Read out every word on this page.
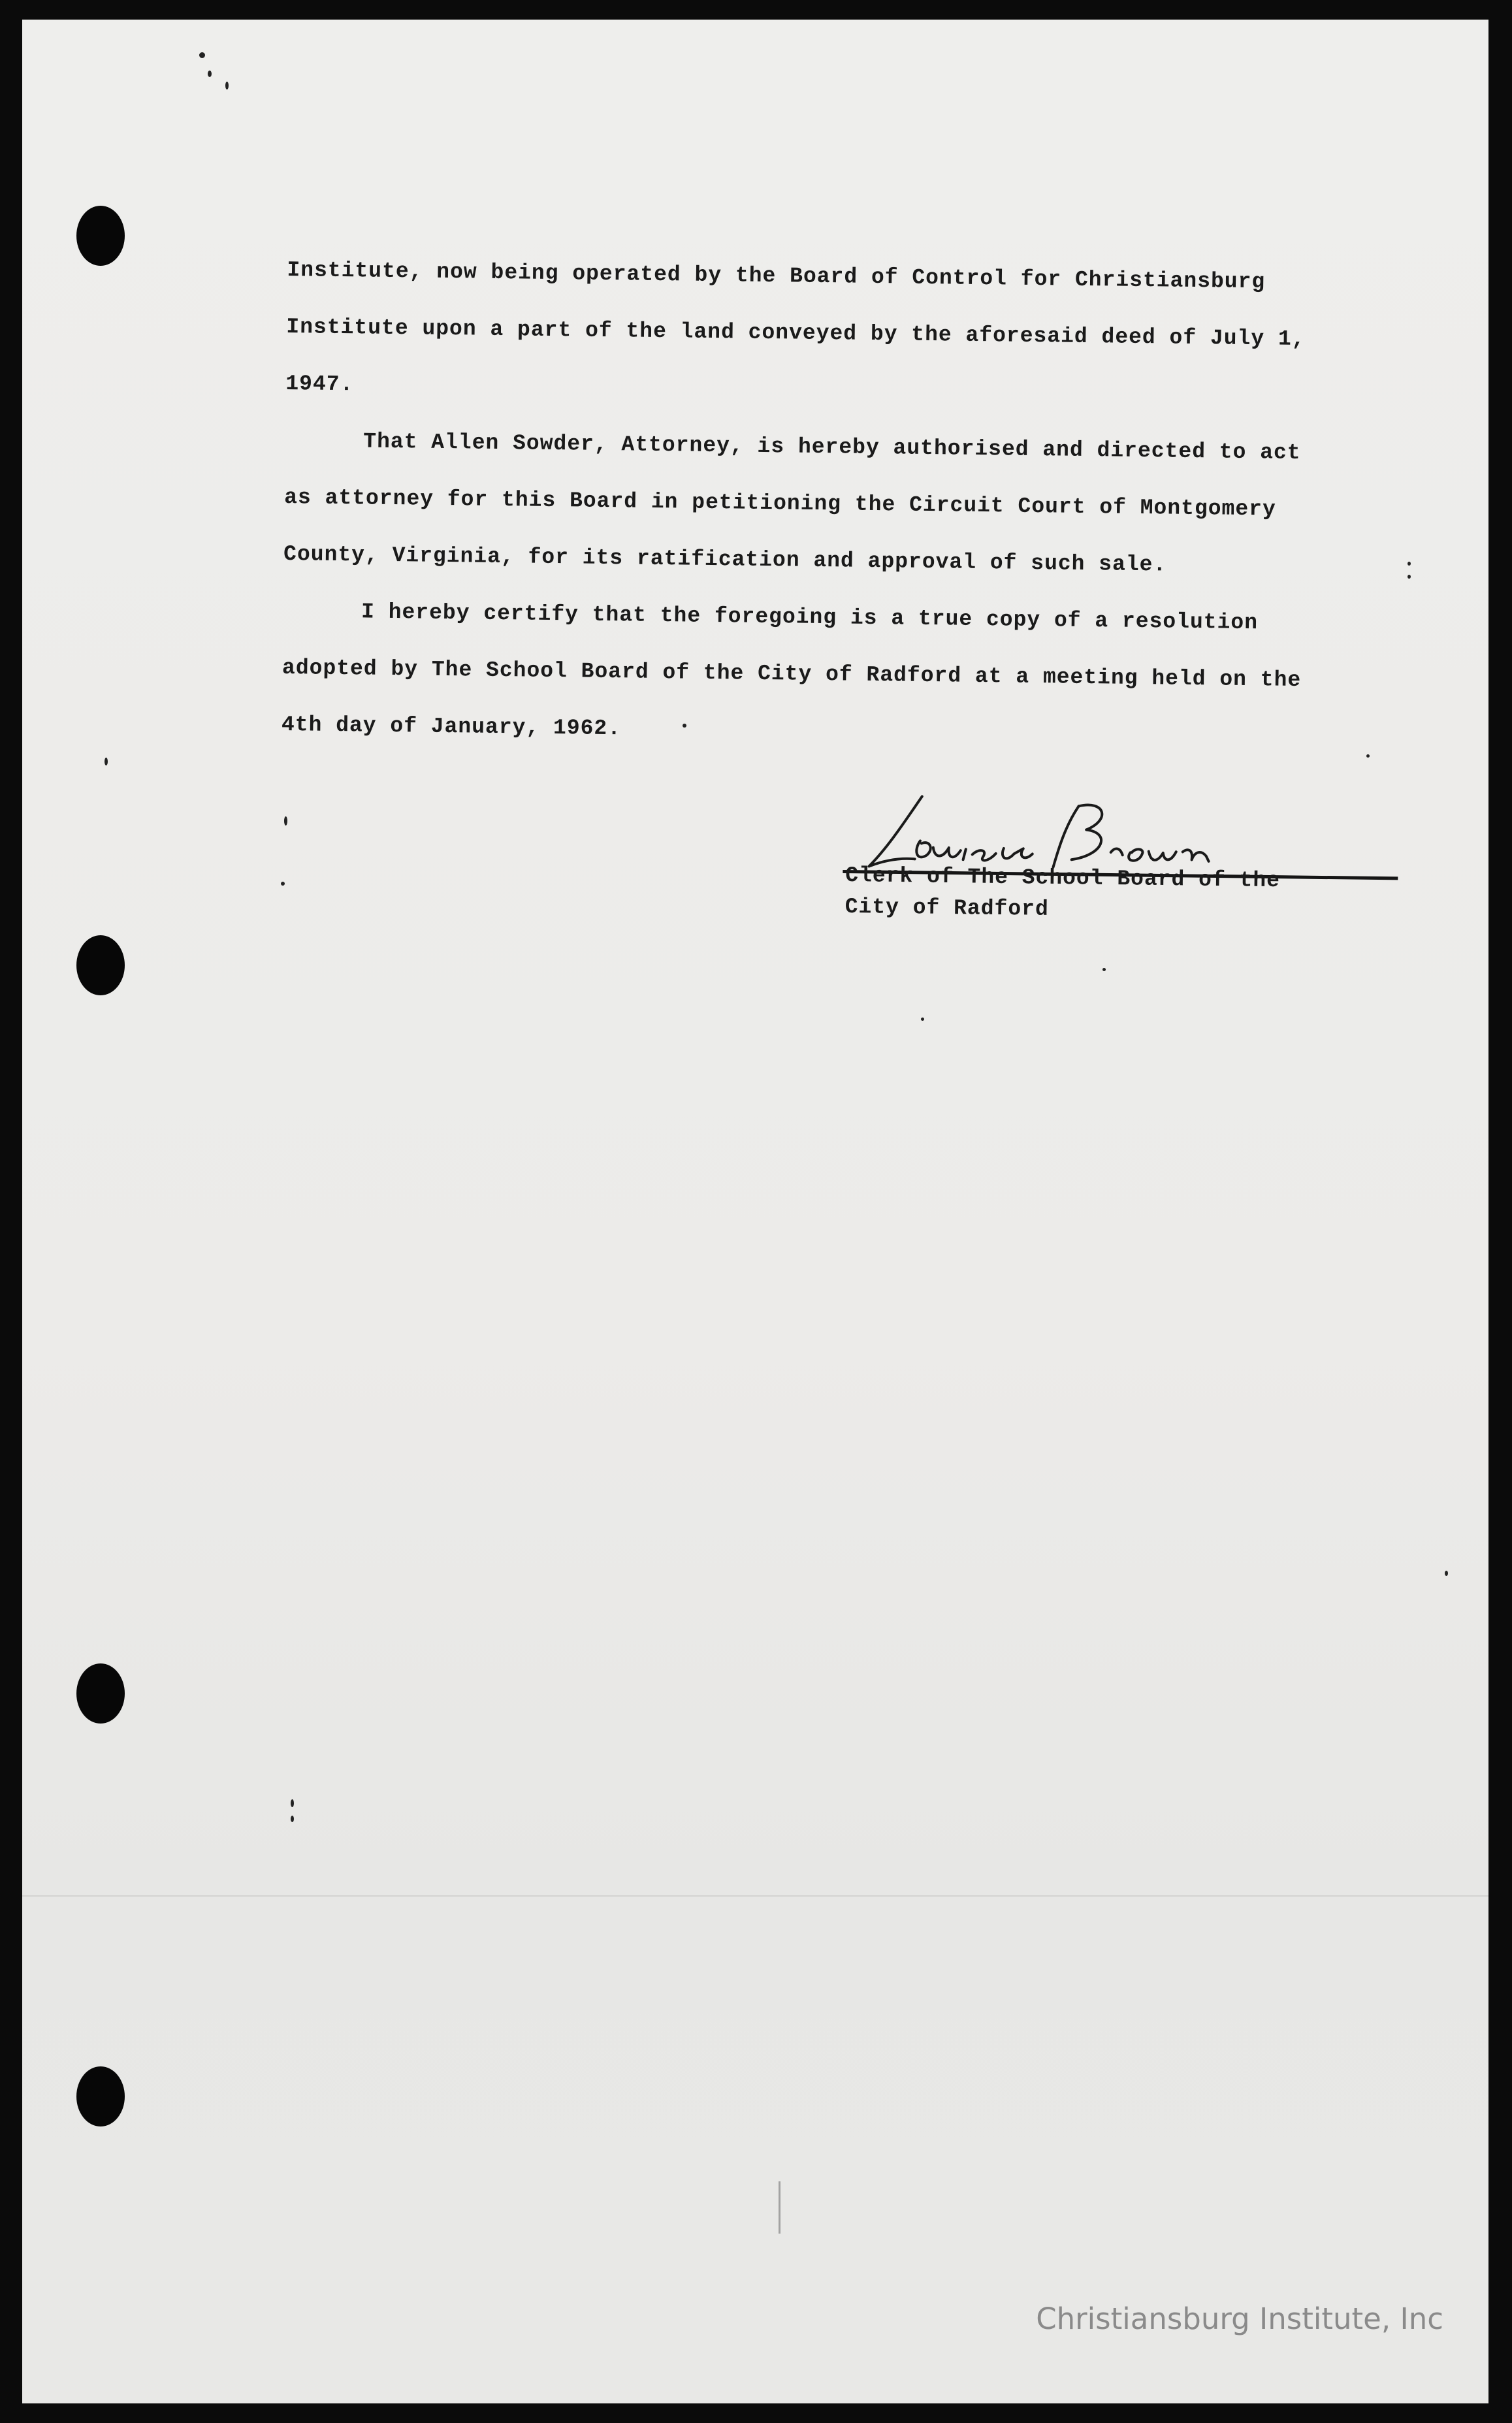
Institute, now being operated by the Board of Control for Christiansburg
Institute upon a part of the land conveyed by the aforesaid deed of July 1,
1947.

That Allen Sowder, Attorney, is hereby authorised and directed to act
as attorney for this Board in petitioning the Circuit Court of Montgomery
County, Virginia, for its ratification and approval of such sale.

I hereby certify that the foregoing is a true copy of a resolution
adopted by The School Board of the City of Radford at a meeting held on the
4th day of January, 1962.

Clerk of The School Board of the
City of Radford
Christiansburg Institute, Inc
